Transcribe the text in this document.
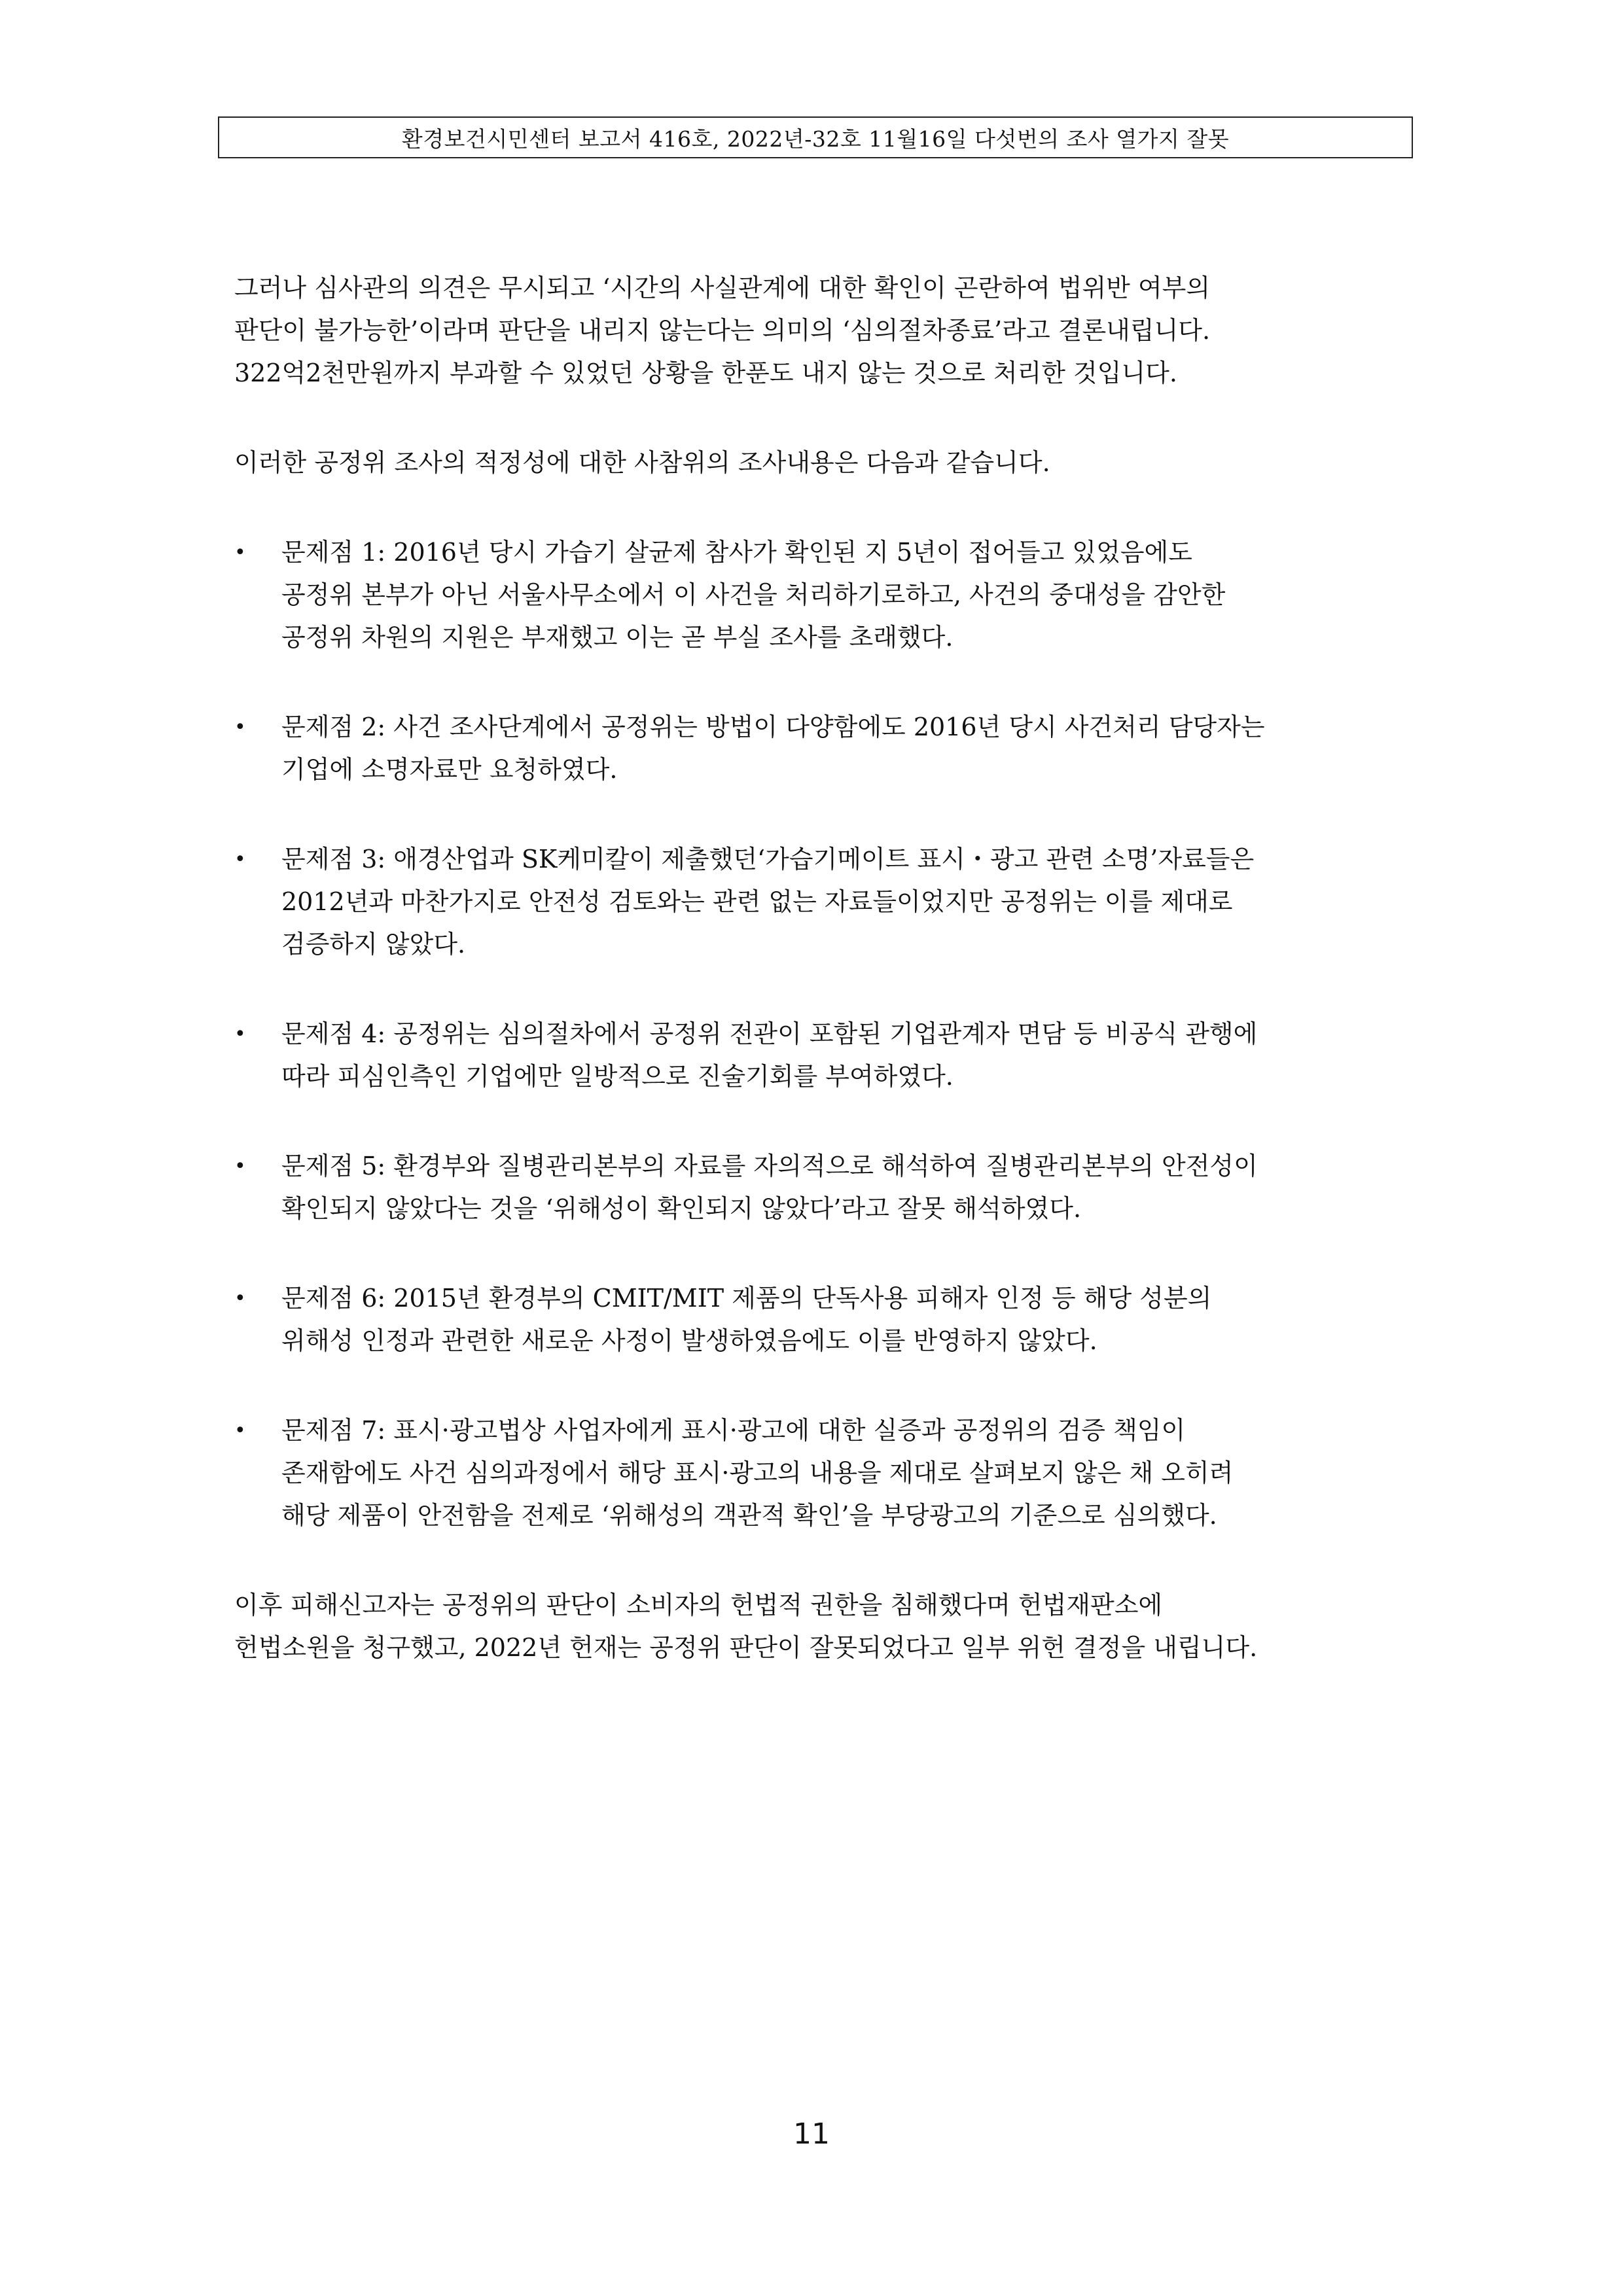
환경보건시민센터 보고서 416호, 2022년-32호 11월16일 다섯번의 조사 열가지 잘못

그러나 심사관의 의견은 무시되고 ‘시간의 사실관계에 대한 확인이 곤란하여 법위반 여부의
판단이 불가능한’이라며 판단을 내리지 않는다는 의미의 ‘심의절차종료’라고 결론내립니다.
322억2천만원까지 부과할 수 있었던 상황을 한푼도 내지 않는 것으로 처리한 것입니다.

이러한 공정위 조사의 적정성에 대한 사참위의 조사내용은 다음과 같습니다.

• 문제점 1: 2016년 당시 가습기 살균제 참사가 확인된 지 5년이 접어들고 있었음에도
공정위 본부가 아닌 서울사무소에서 이 사건을 처리하기로하고, 사건의 중대성을 감안한
공정위 차원의 지원은 부재했고 이는 곧 부실 조사를 초래했다.
• 문제점 2: 사건 조사단계에서 공정위는 방법이 다양함에도 2016년 당시 사건처리 담당자는
기업에 소명자료만 요청하였다.
• 문제점 3: 애경산업과 SK케미칼이 제출했던‘가습기메이트 표시・광고 관련 소명’자료들은
2012년과 마찬가지로 안전성 검토와는 관련 없는 자료들이었지만 공정위는 이를 제대로
검증하지 않았다.
• 문제점 4: 공정위는 심의절차에서 공정위 전관이 포함된 기업관계자 면담 등 비공식 관행에
따라 피심인측인 기업에만 일방적으로 진술기회를 부여하였다.
• 문제점 5: 환경부와 질병관리본부의 자료를 자의적으로 해석하여 질병관리본부의 안전성이
확인되지 않았다는 것을 ‘위해성이 확인되지 않았다’라고 잘못 해석하였다.
• 문제점 6: 2015년 환경부의 CMIT/MIT 제품의 단독사용 피해자 인정 등 해당 성분의
위해성 인정과 관련한 새로운 사정이 발생하였음에도 이를 반영하지 않았다.
• 문제점 7: 표시·광고법상 사업자에게 표시·광고에 대한 실증과 공정위의 검증 책임이
존재함에도 사건 심의과정에서 해당 표시·광고의 내용을 제대로 살펴보지 않은 채 오히려
해당 제품이 안전함을 전제로 ‘위해성의 객관적 확인’을 부당광고의 기준으로 심의했다.

이후 피해신고자는 공정위의 판단이 소비자의 헌법적 권한을 침해했다며 헌법재판소에
헌법소원을 청구했고, 2022년 헌재는 공정위 판단이 잘못되었다고 일부 위헌 결정을 내립니다.

11
